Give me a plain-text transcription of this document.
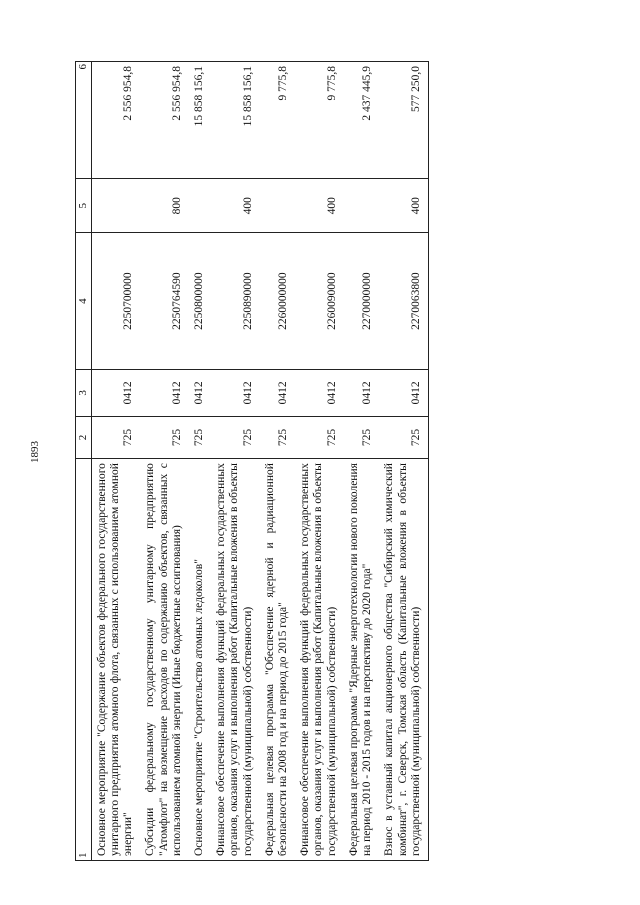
1893
1	2	3	4	5	6
Основное мероприятие "Содержание объектов федерального государственного унитарного предприятия атомного флота, связанных с использованием атомной энергии"	725	0412	2250700000		2 556 954,8
Субсидии федеральному государственному унитарному предприятию "Атомфлот" на возмещение расходов по содержанию объектов, связанных с использованием атомной энергии (Иные бюджетные ассигнования)	725	0412	2250764590	800	2 556 954,8
Основное мероприятие "Строительство атомных ледоколов"	725	0412	2250800000		15 858 156,1
Финансовое обеспечение выполнения функций федеральных государственных органов, оказания услуг и выполнения работ (Капитальные вложения в объекты государственной (муниципальной) собственности)	725	0412	2250890000	400	15 858 156,1
Федеральная целевая программа "Обеспечение ядерной и радиационной безопасности на 2008 год и на период до 2015 года"	725	0412	2260000000		9 775,8
Финансовое обеспечение выполнения функций федеральных государственных органов, оказания услуг и выполнения работ (Капитальные вложения в объекты государственной (муниципальной) собственности)	725	0412	2260090000	400	9 775,8
Федеральная целевая программа "Ядерные энерготехнологии нового поколения на период 2010 - 2015 годов и на перспективу до 2020 года"	725	0412	2270000000		2 437 445,9
Взнос в уставный капитал акционерного общества "Сибирский химический комбинат", г. Северск, Томская область (Капитальные вложения в объекты государственной (муниципальной) собственности)	725	0412	2270063800	400	577 250,0
